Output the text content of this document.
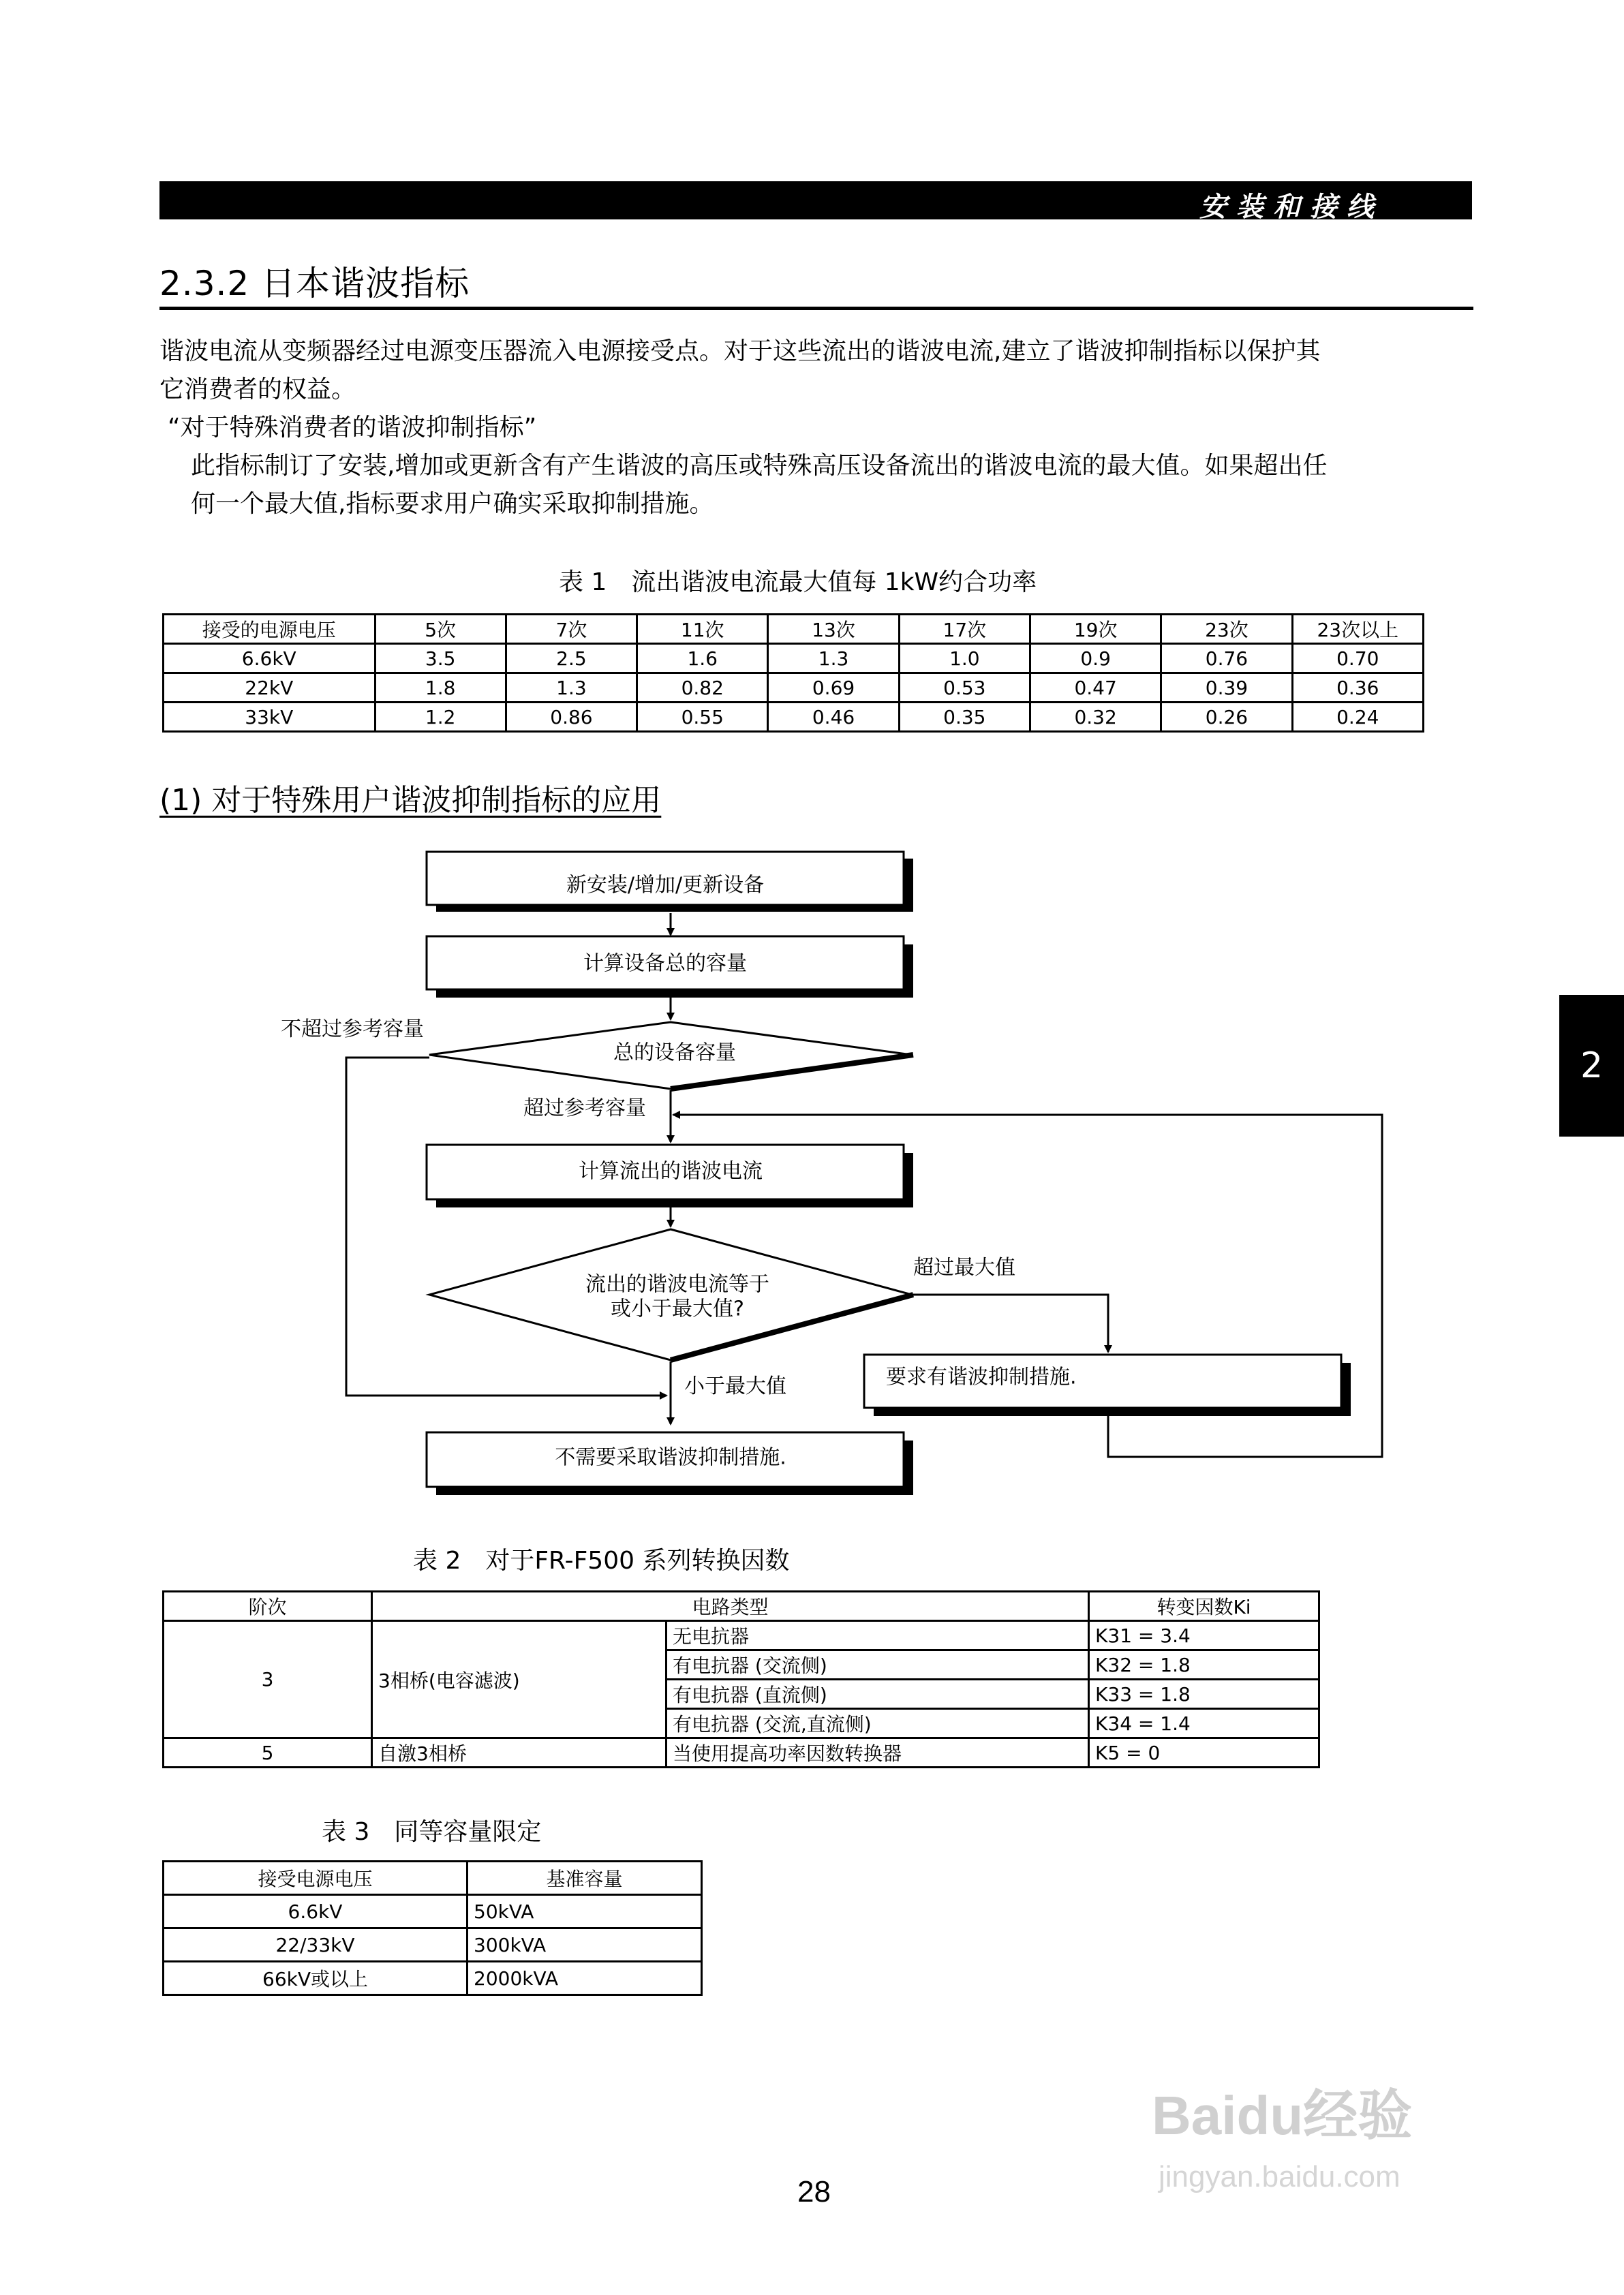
安装和接线
2.3.2 日本谐波指标
谐波电流从变频器经过电源变压器流入电源接受点。对于这些流出的谐波电流,建立了谐波抑制指标以保护其
它消费者的权益。
“对于特殊消费者的谐波抑制指标”
此指标制订了安装,增加或更新含有产生谐波的高压或特殊高压设备流出的谐波电流的最大值。如果超出任
何一个最大值,指标要求用户确实采取抑制措施。
表 1　流出谐波电流最大值每 1kW约合功率
接受的电源电压	5次	7次	11次	13次	17次	19次	23次	23次以上
6.6kV	3.5	2.5	1.6	1.3	1.0	0.9	0.76	0.70
22kV	1.8	1.3	0.82	0.69	0.53	0.47	0.39	0.36
33kV	1.2	0.86	0.55	0.46	0.35	0.32	0.26	0.24
(1) 对于特殊用户谐波抑制指标的应用
新安装/增加/更新设备
计算设备总的容量
总的设备容量
不超过参考容量
超过参考容量
计算流出的谐波电流
流出的谐波电流等于
或小于最大值?
超过最大值
要求有谐波抑制措施.
小于最大值
不需要采取谐波抑制措施.
表 2　对于FR-F500 系列转换因数
阶次	电路类型		转变因数Ki
3	3相桥(电容滤波)	无电抗器	K31 = 3.4
		有电抗器 (交流侧)	K32 = 1.8
		有电抗器 (直流侧)	K33 = 1.8
		有电抗器 (交流,直流侧)	K34 = 1.4
5	自激3相桥	当使用提高功率因数转换器	K5 = 0
表 3　同等容量限定
接受电源电压	基准容量
6.6kV	50kVA
22/33kV	300kVA
66kV或以上	2000kVA
2
28
Baidu经验
jingyan.baidu.com
